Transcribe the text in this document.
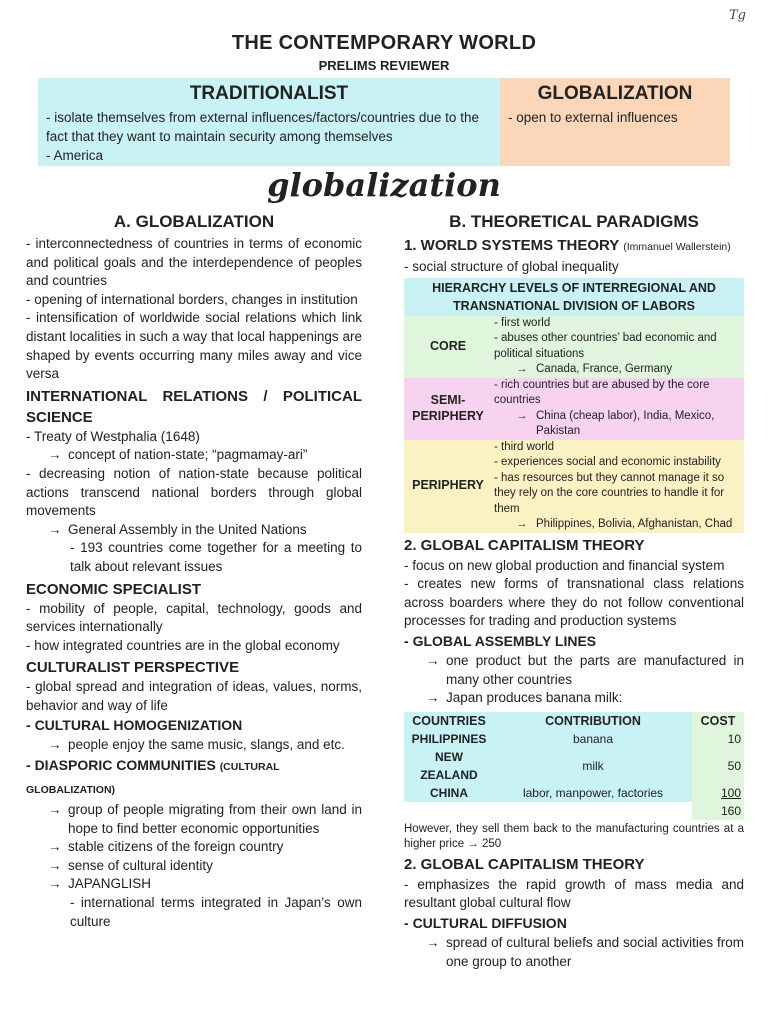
Tg
THE CONTEMPORARY WORLD
PRELIMS REVIEWER
TRADITIONALIST
- isolate themselves from external influences/factors/countries due to the fact that they want to maintain security among themselves
- America
GLOBALIZATION
- open to external influences
globalization
A. GLOBALIZATION
- interconnectedness of countries in terms of economic and political goals and the interdependence of peoples and countries
- opening of international borders, changes in institution
- intensification of worldwide social relations which link distant localities in such a way that local happenings are shaped by events occurring many miles away and vice versa
INTERNATIONAL RELATIONS / POLITICAL SCIENCE
- Treaty of Westphalia (1648)
→ concept of nation-state; “pagmamay-ari”
- decreasing notion of nation-state because political actions transcend national borders through global movements
→ General Assembly in the United Nations
- 193 countries come together for a meeting to talk about relevant issues
ECONOMIC SPECIALIST
- mobility of people, capital, technology, goods and services internationally
- how integrated countries are in the global economy
CULTURALIST PERSPECTIVE
- global spread and integration of ideas, values, norms, behavior and way of life
- CULTURAL HOMOGENIZATION
→ people enjoy the same music, slangs, and etc.
- DIASPORIC COMMUNITIES (CULTURAL GLOBALIZATION)
→ group of people migrating from their own land in hope to find better economic opportunities
→ stable citizens of the foreign country
→ sense of cultural identity
→ JAPANGLISH
- international terms integrated in Japan’s own culture
B. THEORETICAL PARADIGMS
1. WORLD SYSTEMS THEORY (Immanuel Wallerstein)
- social structure of global inequality
HIERARCHY LEVELS OF INTERREGIONAL AND TRANSNATIONAL DIVISION OF LABORS	
CORE	- first world
- abuses other countries’ bad economic and political situations
→ Canada, France, Germany

SEMI-PERIPHERY	- rich countries but are abused by the core countries
→ China (cheap labor), India, Mexico, Pakistan

PERIPHERY	- third world
- experiences social and economic instability
- has resources but they cannot manage it so they rely on the core countries to handle it for them
→ Philippines, Bolivia, Afghanistan, Chad
2. GLOBAL CAPITALISM THEORY
- focus on new global production and financial system
- creates new forms of transnational class relations across boarders where they do not follow conventional processes for trading and production systems
- GLOBAL ASSEMBLY LINES
→ one product but the parts are manufactured in many other countries
→ Japan produces banana milk:
COUNTRIES	CONTRIBUTION	COST
PHILIPPINES	banana	10
NEW ZEALAND	milk	50
CHINA	labor, manpower, factories	100
		160
However, they sell them back to the manufacturing countries at a higher price → 250
2. GLOBAL CAPITALISM THEORY
- emphasizes the rapid growth of mass media and resultant global cultural flow
- CULTURAL DIFFUSION
→ spread of cultural beliefs and social activities from one group to another
